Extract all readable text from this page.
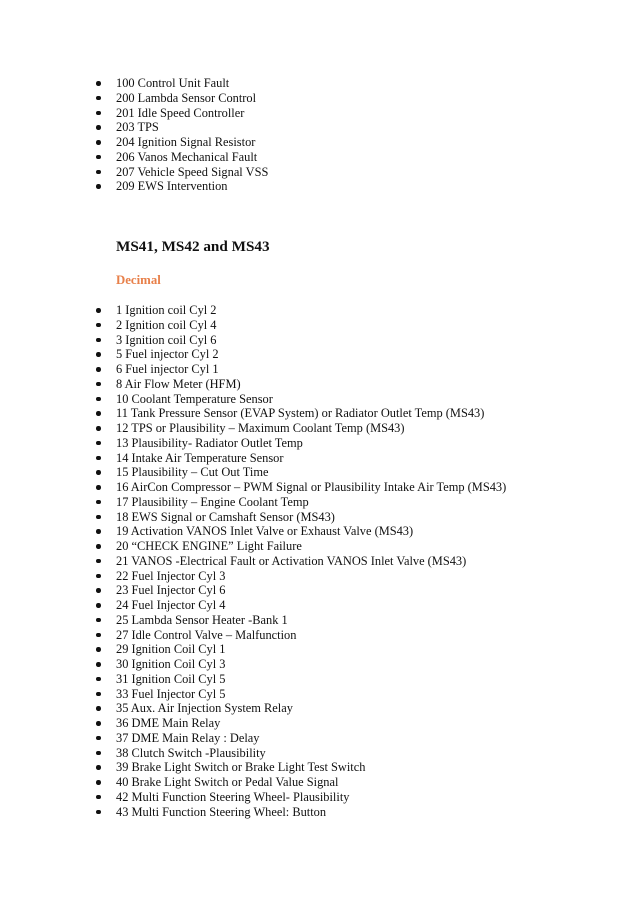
100 Control Unit Fault
200 Lambda Sensor Control
201 Idle Speed Controller
203 TPS
204 Ignition Signal Resistor
206 Vanos Mechanical Fault
207 Vehicle Speed Signal VSS
209 EWS Intervention
MS41, MS42 and MS43
Decimal
1 Ignition coil Cyl 2
2 Ignition coil Cyl 4
3 Ignition coil Cyl 6
5 Fuel injector Cyl 2
6 Fuel injector Cyl 1
8 Air Flow Meter (HFM)
10 Coolant Temperature Sensor
11 Tank Pressure Sensor (EVAP System) or Radiator Outlet Temp (MS43)
12 TPS or Plausibility – Maximum Coolant Temp (MS43)
13 Plausibility- Radiator Outlet Temp
14 Intake Air Temperature Sensor
15 Plausibility – Cut Out Time
16 AirCon Compressor – PWM Signal or Plausibility Intake Air Temp (MS43)
17 Plausibility – Engine Coolant Temp
18 EWS Signal or Camshaft Sensor (MS43)
19 Activation VANOS Inlet Valve or Exhaust Valve (MS43)
20 “CHECK ENGINE” Light Failure
21 VANOS -Electrical Fault or Activation VANOS Inlet Valve (MS43)
22 Fuel Injector Cyl 3
23 Fuel Injector Cyl 6
24 Fuel Injector Cyl 4
25 Lambda Sensor Heater -Bank 1
27 Idle Control Valve – Malfunction
29 Ignition Coil Cyl 1
30 Ignition Coil Cyl 3
31 Ignition Coil Cyl 5
33 Fuel Injector Cyl 5
35 Aux. Air Injection System Relay
36 DME Main Relay
37 DME Main Relay : Delay
38 Clutch Switch -Plausibility
39 Brake Light Switch or Brake Light Test Switch
40 Brake Light Switch or Pedal Value Signal
42 Multi Function Steering Wheel- Plausibility
43 Multi Function Steering Wheel: Button
